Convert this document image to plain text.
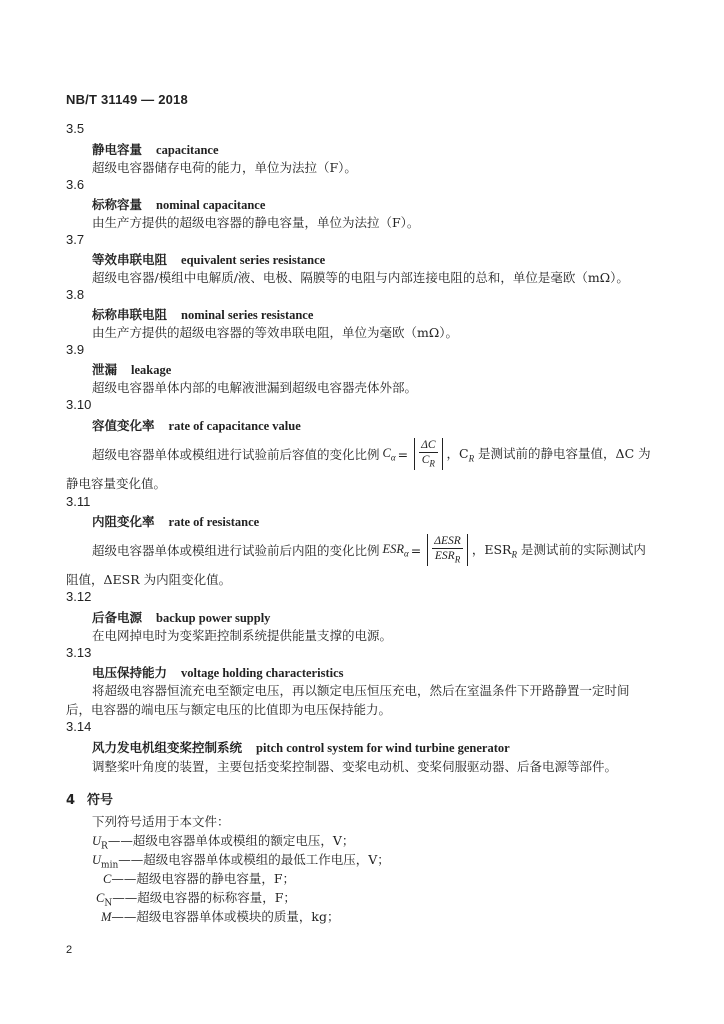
NB/T 31149 — 2018
3.5
静电容量 capacitance
超级电容器储存电荷的能力，单位为法拉（F）。
3.6
标称容量 nominal capacitance
由生产方提供的超级电容器的静电容量，单位为法拉（F）。
3.7
等效串联电阻 equivalent series resistance
超级电容器/模组中电解质/液、电极、隔膜等的电阻与内部连接电阻的总和，单位是毫欧（mΩ）。
3.8
标称串联电阻 nominal series resistance
由生产方提供的超级电容器的等效串联电阻，单位为毫欧（mΩ）。
3.9
泄漏 leakage
超级电容器单体内部的电解液泄漏到超级电容器壳体外部。
3.10
容值变化率 rate of capacitance value
超级电容器单体或模组进行试验前后容值的变化比例 $C_\alpha = \frac{\Delta C}{C_R}$ ，$C_R$ 是测试前的静电容量值，ΔC 为
静电容量变化值。
3.11
内阻变化率 rate of resistance
超级电容器单体或模组进行试验前后内阻的变化比例 $ESR_\alpha = \frac{\text{ΔESR}}{ESR_R}$ ，$ESR_R$ 是测试前的实际测试内
阻值，ΔESR 为内阻变化值。
3.12
后备电源 backup power supply
在电网掉电时为变桨距控制系统提供能量支撑的电源。
3.13
电压保持能力 voltage holding characteristics
将超级电容器恒流充电至额定电压，再以额定电压恒压充电，然后在室温条件下开路静置一定时间
后，电容器的端电压与额定电压的比值即为电压保持能力。
3.14
风力发电机组变桨控制系统 pitch control system for wind turbine generator
调整桨叶角度的装置，主要包括变桨控制器、变桨电动机、变桨伺服驱动器、后备电源等部件。
4 符号
下列符号适用于本文件：
$U_R——$超级电容器单体或模组的额定电压，V；
$U_{min}——$超级电容器单体或模组的最低工作电压，V；
C——超级电容器的静电容量，F；
$C_N——$超级电容器的标称容量，F；
M——超级电容器单体或模块的质量，kg；
2
